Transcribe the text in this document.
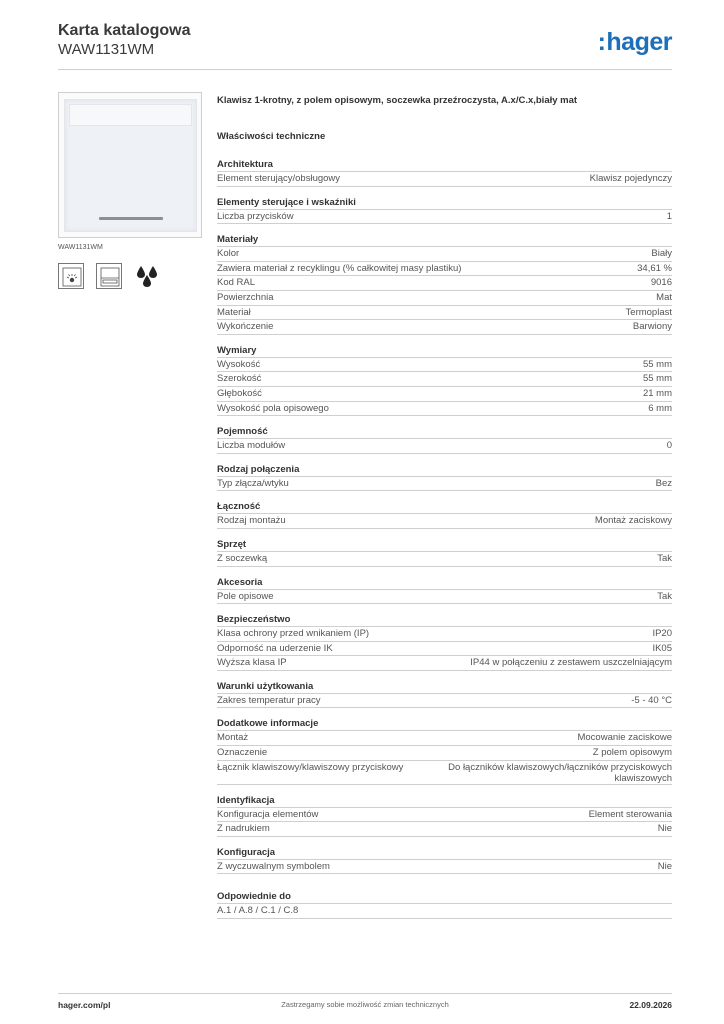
Karta katalogowa
WAW1131WM	:hager
WAW1131WM
Klawisz 1-krotny, z polem opisowym, soczewka przeźroczysta, A.x/C.x,biały mat
Właściwości techniczne
Architektura
Element sterujący/obsługowy	Klawisz pojedynczy
Elementy sterujące i wskaźniki
Liczba przycisków	1
Materiały
Kolor	Biały
Zawiera materiał z recyklingu (% całkowitej masy plastiku)	34,61 %
Kod RAL	9016
Powierzchnia	Mat
Materiał	Termoplast
Wykończenie	Barwiony
Wymiary
Wysokość	55 mm
Szerokość	55 mm
Głębokość	21 mm
Wysokość pola opisowego	6 mm
Pojemność
Liczba modułów	0
Rodzaj połączenia
Typ złącza/wtyku	Bez
Łączność
Rodzaj montażu	Montaż zaciskowy
Sprzęt
Z soczewką	Tak
Akcesoria
Pole opisowe	Tak
Bezpieczeństwo
Klasa ochrony przed wnikaniem (IP)	IP20
Odporność na uderzenie IK	IK05
Wyższa klasa IP	IP44 w połączeniu z zestawem uszczelniającym
Warunki użytkowania
Zakres temperatur pracy	-5 - 40 °C
Dodatkowe informacje
Montaż	Mocowanie zaciskowe
Oznaczenie	Z polem opisowym
Łącznik klawiszowy/klawiszowy przyciskowy	Do łączników klawiszowych/łączników przyciskowych klawiszowych
Identyfikacja
Konfiguracja elementów	Element sterowania
Z nadrukiem	Nie
Konfiguracja
Z wyczuwalnym symbolem	Nie
Odpowiednie do
A.1 / A.8 / C.1 / C.8
hager.com/pl	Zastrzegamy sobie możliwość zmian technicznych	22.09.2026
